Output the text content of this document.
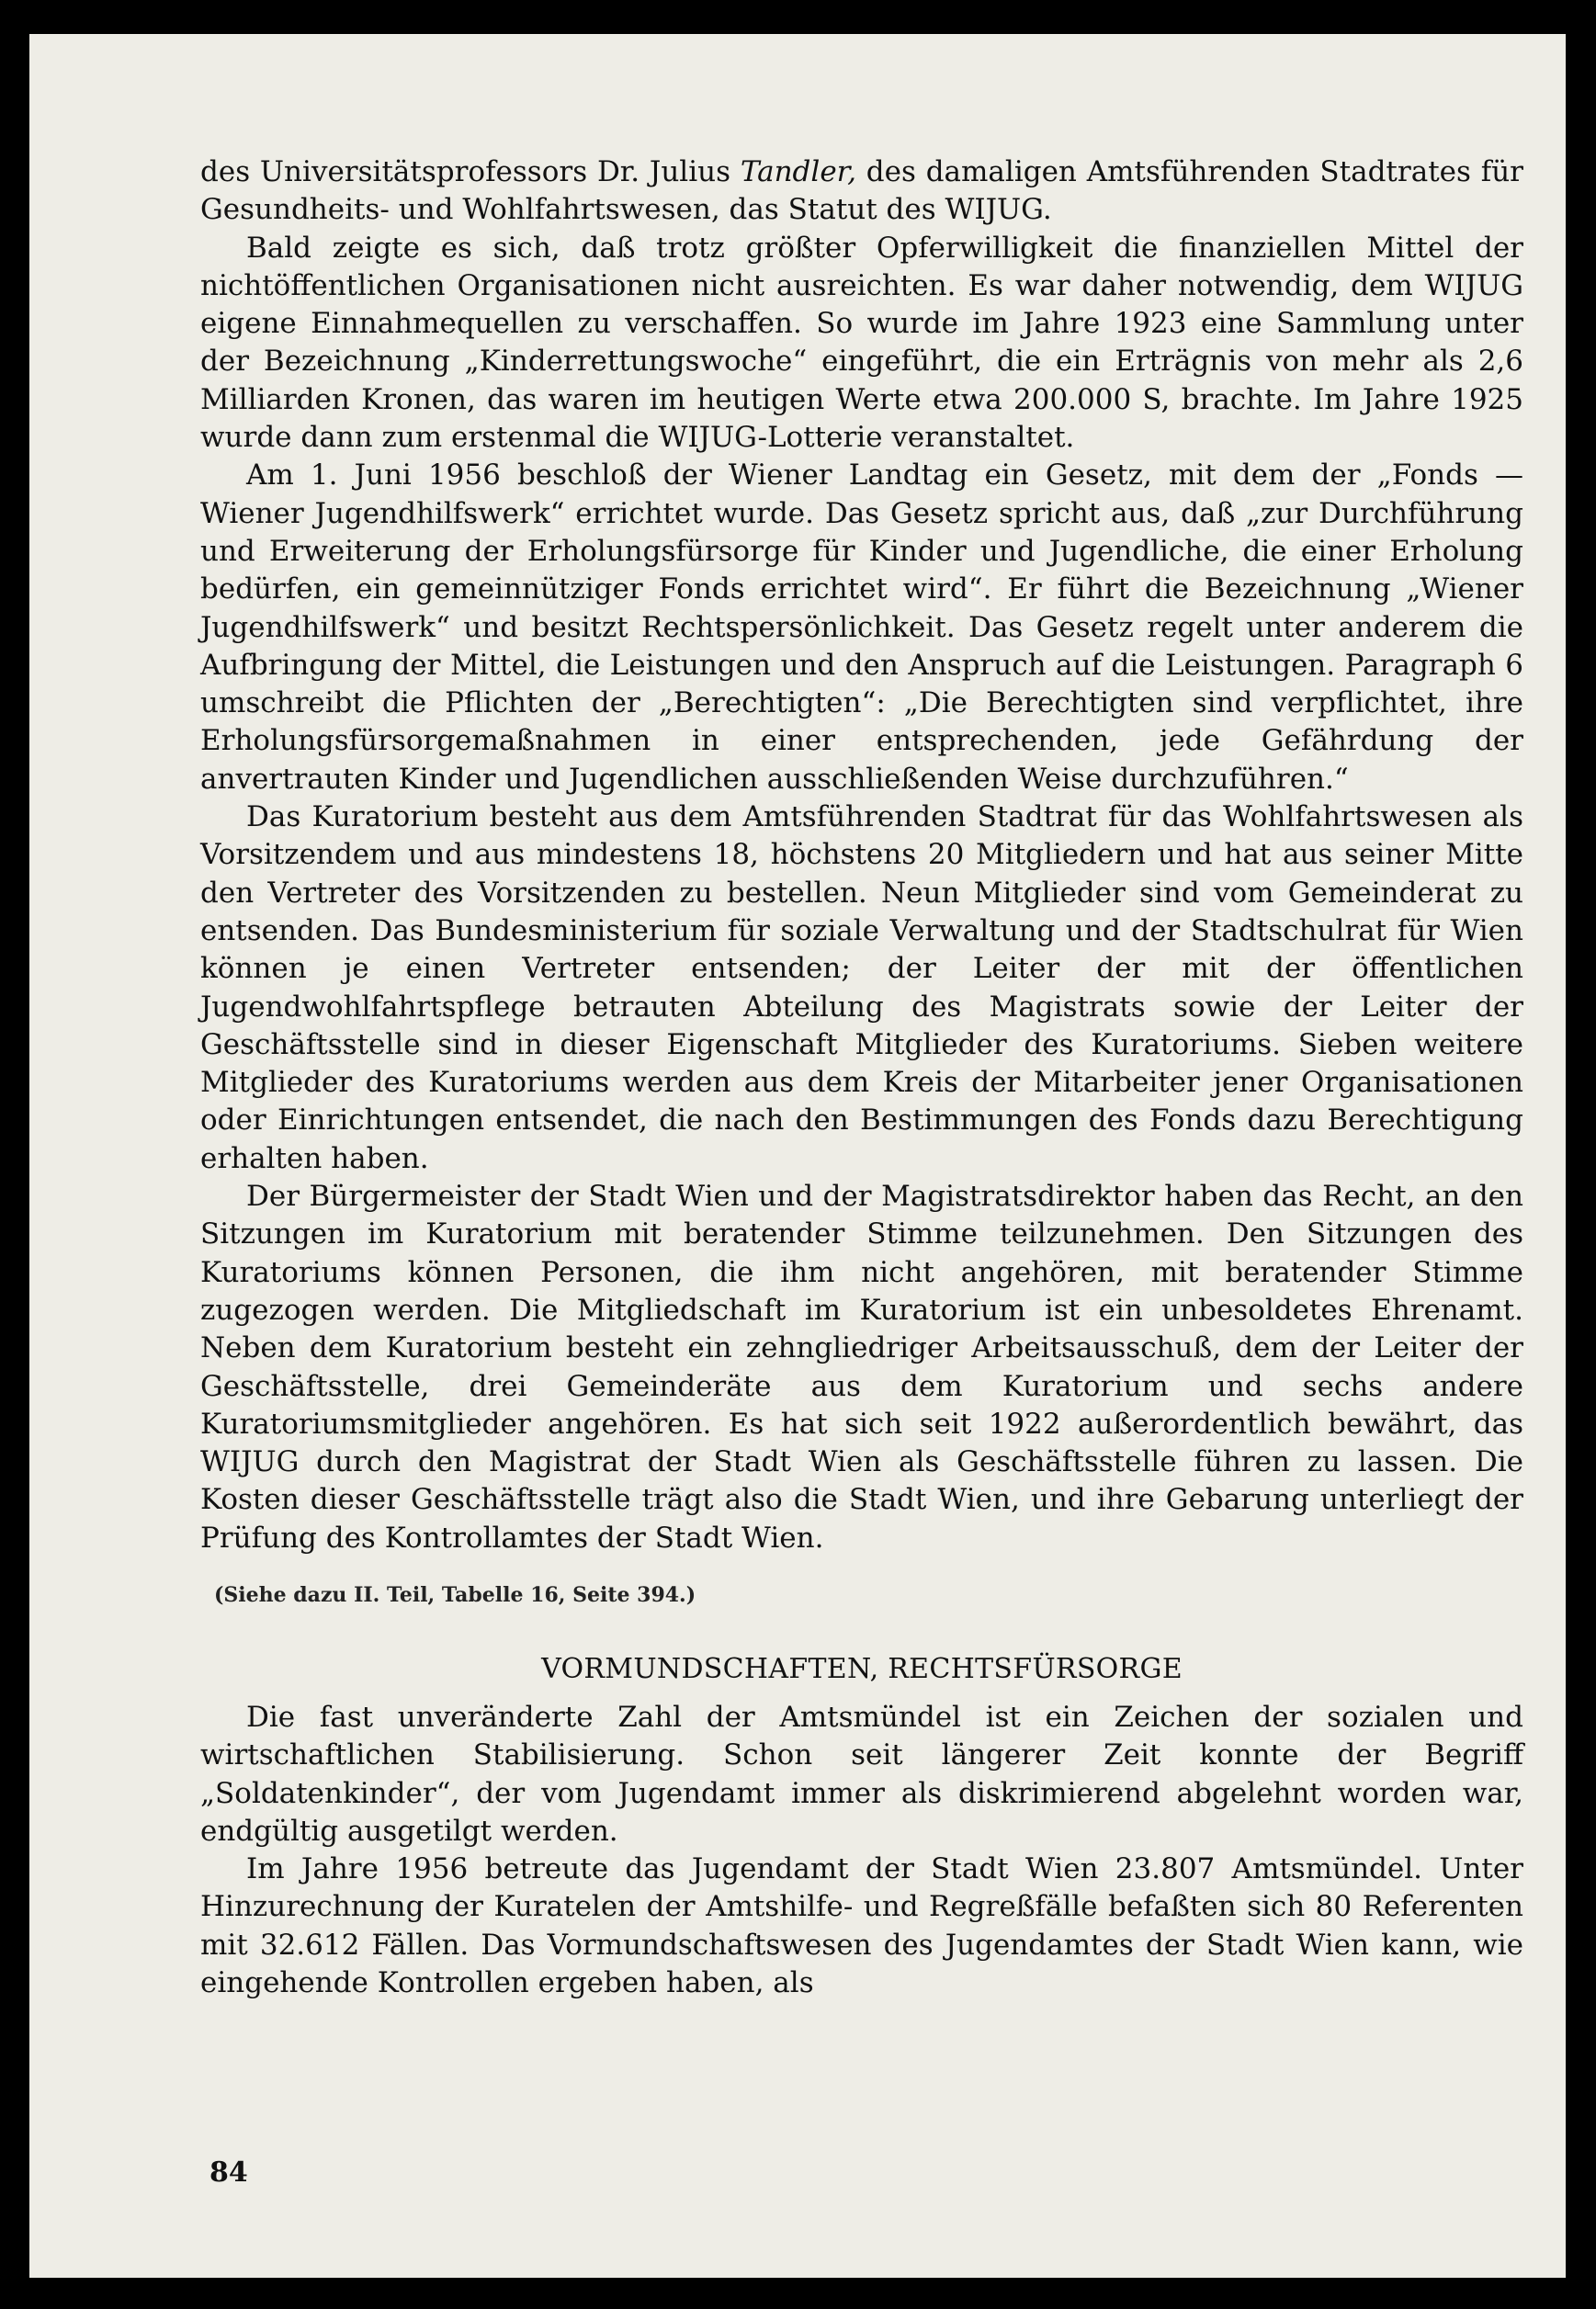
des Universitätsprofessors Dr. Julius Tandler, des damaligen Amtsführenden Stadtrates für Gesundheits- und Wohlfahrtswesen, das Statut des WIJUG.

Bald zeigte es sich, daß trotz größter Opferwilligkeit die finanziellen Mittel der nichtöffentlichen Organisationen nicht ausreichten. Es war daher notwendig, dem WIJUG eigene Einnahmequellen zu verschaffen. So wurde im Jahre 1923 eine Sammlung unter der Bezeichnung „Kinderrettungswoche“ eingeführt, die ein Erträgnis von mehr als 2,6 Milliarden Kronen, das waren im heutigen Werte etwa 200.000 S, brachte. Im Jahre 1925 wurde dann zum erstenmal die WIJUG-Lotterie veranstaltet.

Am 1. Juni 1956 beschloß der Wiener Landtag ein Gesetz, mit dem der „Fonds — Wiener Jugendhilfswerk“ errichtet wurde. Das Gesetz spricht aus, daß „zur Durchführung und Erweiterung der Erholungsfürsorge für Kinder und Jugendliche, die einer Erholung bedürfen, ein gemeinnütziger Fonds errichtet wird“. Er führt die Bezeichnung „Wiener Jugendhilfswerk“ und besitzt Rechtspersönlichkeit. Das Gesetz regelt unter anderem die Aufbringung der Mittel, die Leistungen und den Anspruch auf die Leistungen. Paragraph 6 umschreibt die Pflichten der „Berechtigten“: „Die Berechtigten sind verpflichtet, ihre Erholungsfürsorgemaßnahmen in einer entsprechenden, jede Gefährdung der anvertrauten Kinder und Jugendlichen ausschließenden Weise durchzuführen.“

Das Kuratorium besteht aus dem Amtsführenden Stadtrat für das Wohlfahrtswesen als Vorsitzendem und aus mindestens 18, höchstens 20 Mitgliedern und hat aus seiner Mitte den Vertreter des Vorsitzenden zu bestellen. Neun Mitglieder sind vom Gemeinderat zu entsenden. Das Bundesministerium für soziale Verwaltung und der Stadtschulrat für Wien können je einen Vertreter entsenden; der Leiter der mit der öffentlichen Jugendwohlfahrtspflege betrauten Abteilung des Magistrats sowie der Leiter der Geschäftsstelle sind in dieser Eigenschaft Mitglieder des Kuratoriums. Sieben weitere Mitglieder des Kuratoriums werden aus dem Kreis der Mitarbeiter jener Organisationen oder Einrichtungen entsendet, die nach den Bestimmungen des Fonds dazu Berechtigung erhalten haben.

Der Bürgermeister der Stadt Wien und der Magistratsdirektor haben das Recht, an den Sitzungen im Kuratorium mit beratender Stimme teilzunehmen. Den Sitzungen des Kuratoriums können Personen, die ihm nicht angehören, mit beratender Stimme zugezogen werden. Die Mitgliedschaft im Kuratorium ist ein unbesoldetes Ehrenamt. Neben dem Kuratorium besteht ein zehngliedriger Arbeitsausschuß, dem der Leiter der Geschäftsstelle, drei Gemeinderäte aus dem Kuratorium und sechs andere Kuratoriumsmitglieder angehören. Es hat sich seit 1922 außerordentlich bewährt, das WIJUG durch den Magistrat der Stadt Wien als Geschäftsstelle führen zu lassen. Die Kosten dieser Geschäftsstelle trägt also die Stadt Wien, und ihre Gebarung unterliegt der Prüfung des Kontrollamtes der Stadt Wien.

(Siehe dazu II. Teil, Tabelle 16, Seite 394.)
VORMUNDSCHAFTEN, RECHTSFÜRSORGE

Die fast unveränderte Zahl der Amtsmündel ist ein Zeichen der sozialen und wirtschaftlichen Stabilisierung. Schon seit längerer Zeit konnte der Begriff „Soldatenkinder“, der vom Jugendamt immer als diskrimierend abgelehnt worden war, endgültig ausgetilgt werden.

Im Jahre 1956 betreute das Jugendamt der Stadt Wien 23.807 Amtsmündel. Unter Hinzurechnung der Kuratelen der Amtshilfe- und Regreßfälle befaßten sich 80 Referenten mit 32.612 Fällen. Das Vormundschaftswesen des Jugendamtes der Stadt Wien kann, wie eingehende Kontrollen ergeben haben, als

84
